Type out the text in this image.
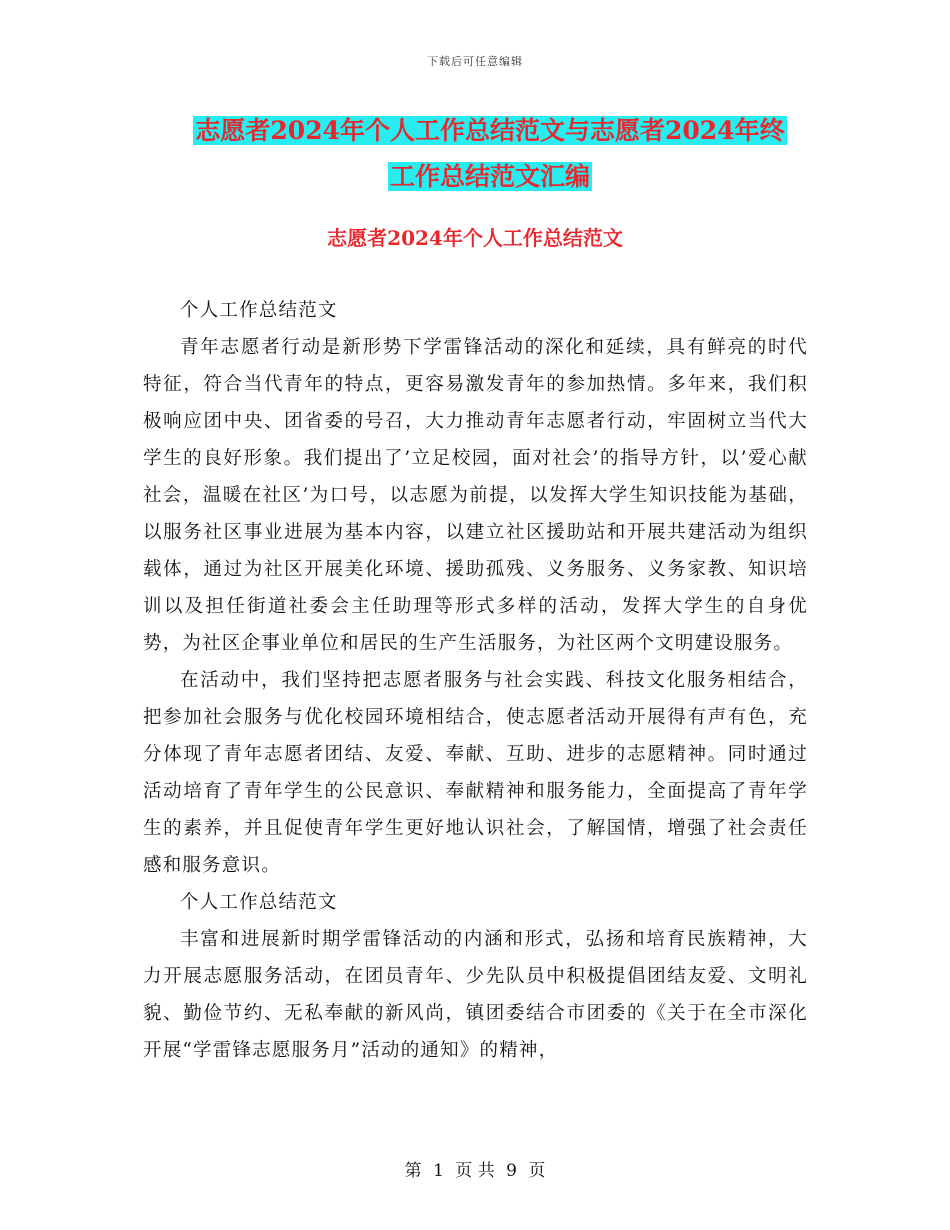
下载后可任意编辑
志愿者2024年个人工作总结范文与志愿者2024年终
工作总结范文汇编
志愿者2024年个人工作总结范文

个人工作总结范文

青年志愿者行动是新形势下学雷锋活动的深化和延续，具有鲜亮的时代特征，符合当代青年的特点，更容易激发青年的参加热情。多年来，我们积极响应团中央、团省委的号召，大力推动青年志愿者行动，牢固树立当代大学生的良好形象。我们提出了’立足校园，面对社会’的指导方针，以’爱心献社会，温暖在社区’为口号，以志愿为前提，以发挥大学生知识技能为基础，以服务社区事业进展为基本内容，以建立社区援助站和开展共建活动为组织载体，通过为社区开展美化环境、援助孤残、义务服务、义务家教、知识培训以及担任街道社委会主任助理等形式多样的活动，发挥大学生的自身优势，为社区企事业单位和居民的生产生活服务，为社区两个文明建设服务。

在活动中，我们坚持把志愿者服务与社会实践、科技文化服务相结合，把参加社会服务与优化校园环境相结合，使志愿者活动开展得有声有色，充分体现了青年志愿者团结、友爱、奉献、互助、进步的志愿精神。同时通过活动培育了青年学生的公民意识、奉献精神和服务能力，全面提高了青年学生的素养，并且促使青年学生更好地认识社会，了解国情，增强了社会责任感和服务意识。

个人工作总结范文

丰富和进展新时期学雷锋活动的内涵和形式，弘扬和培育民族精神，大力开展志愿服务活动，在团员青年、少先队员中积极提倡团结友爱、文明礼貌、勤俭节约、无私奉献的新风尚，镇团委结合市团委的《关于在全市深化开展“学雷锋志愿服务月”活动的通知》的精神，

第 1 页 共 9 页
